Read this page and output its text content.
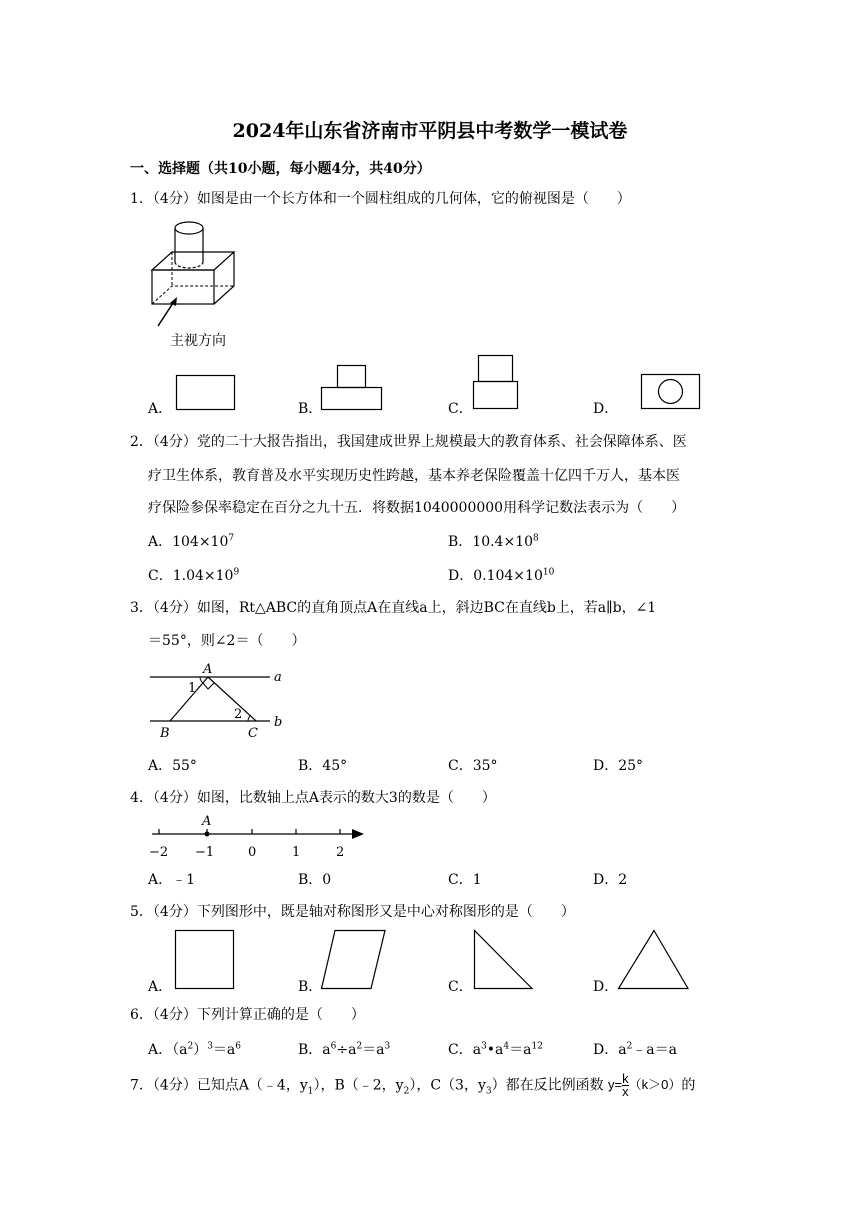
2024年山东省济南市平阴县中考数学一模试卷
一、选择题（共10小题，每小题4分，共40分）
1．（4分）如图是由一个长方体和一个圆柱组成的几何体，它的俯视图是（　　）
主视方向
A．	B．	C．	D．
2．（4分）党的二十大报告指出，我国建成世界上规模最大的教育体系、社会保障体系、医
疗卫生体系，教育普及水平实现历史性跨越，基本养老保险覆盖十亿四千万人，基本医
疗保险参保率稳定在百分之九十五．将数据1040000000用科学记数法表示为（　　）
A．$104\times 10^7$	B．$10.4\times 10^8$
C．$1.04\times 10^9$	D．$0.104\times 10^{10}$
3．（4分）如图，Rt△ABC的直角顶点A在直线a上，斜边BC在直线b上，若a∥b，∠1
＝55°，则∠2＝（　　）
A
1
2
a
b
B	C
A．55°	B．45°	C．35°	D．25°
4．（4分）如图，比数轴上点A表示的数大3的数是（　　）
A
−2 −1	0	1	2
A．﹣1	B．0	C．1	D．2
5．（4分）下列图形中，既是轴对称图形又是中心对称图形的是（　　）
A．	B．	C．	D．
6．（4分）下列计算正确的是（　　）
A．$(a^2)^3=a^6$	B．$a^6\div a^2=a^3$	C．$a^3•a^4=a^{12}$	D．$a^2﹣a=a$
7．（4分）已知点A（﹣4，$y_1$），B（﹣2，$y_2$），C（3，$y_3$）都在反比例函数 $y= \frac{k}{x} (k>0)$的
